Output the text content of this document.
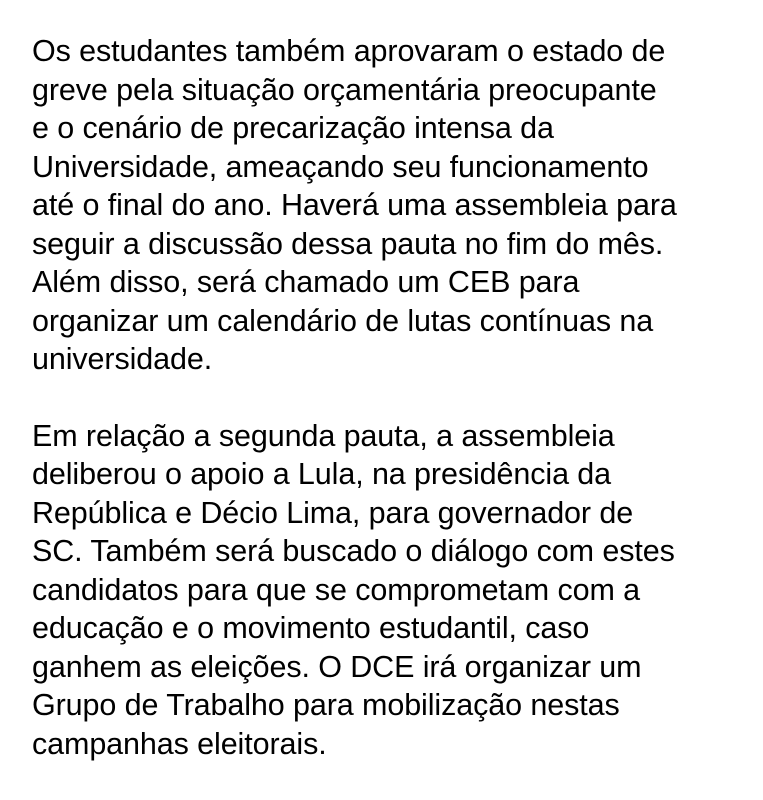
Os estudantes também aprovaram o estado de
greve pela situação orçamentária preocupante
e o cenário de precarização intensa da
Universidade, ameaçando seu funcionamento
até o final do ano. Haverá uma assembleia para
seguir a discussão dessa pauta no fim do mês.
Além disso, será chamado um CEB para
organizar um calendário de lutas contínuas na
universidade.
Em relação a segunda pauta, a assembleia
deliberou o apoio a Lula, na presidência da
República e Décio Lima, para governador de
SC. Também será buscado o diálogo com estes
candidatos para que se comprometam com a
educação e o movimento estudantil, caso
ganhem as eleições. O DCE irá organizar um
Grupo de Trabalho para mobilização nestas
campanhas eleitorais.
